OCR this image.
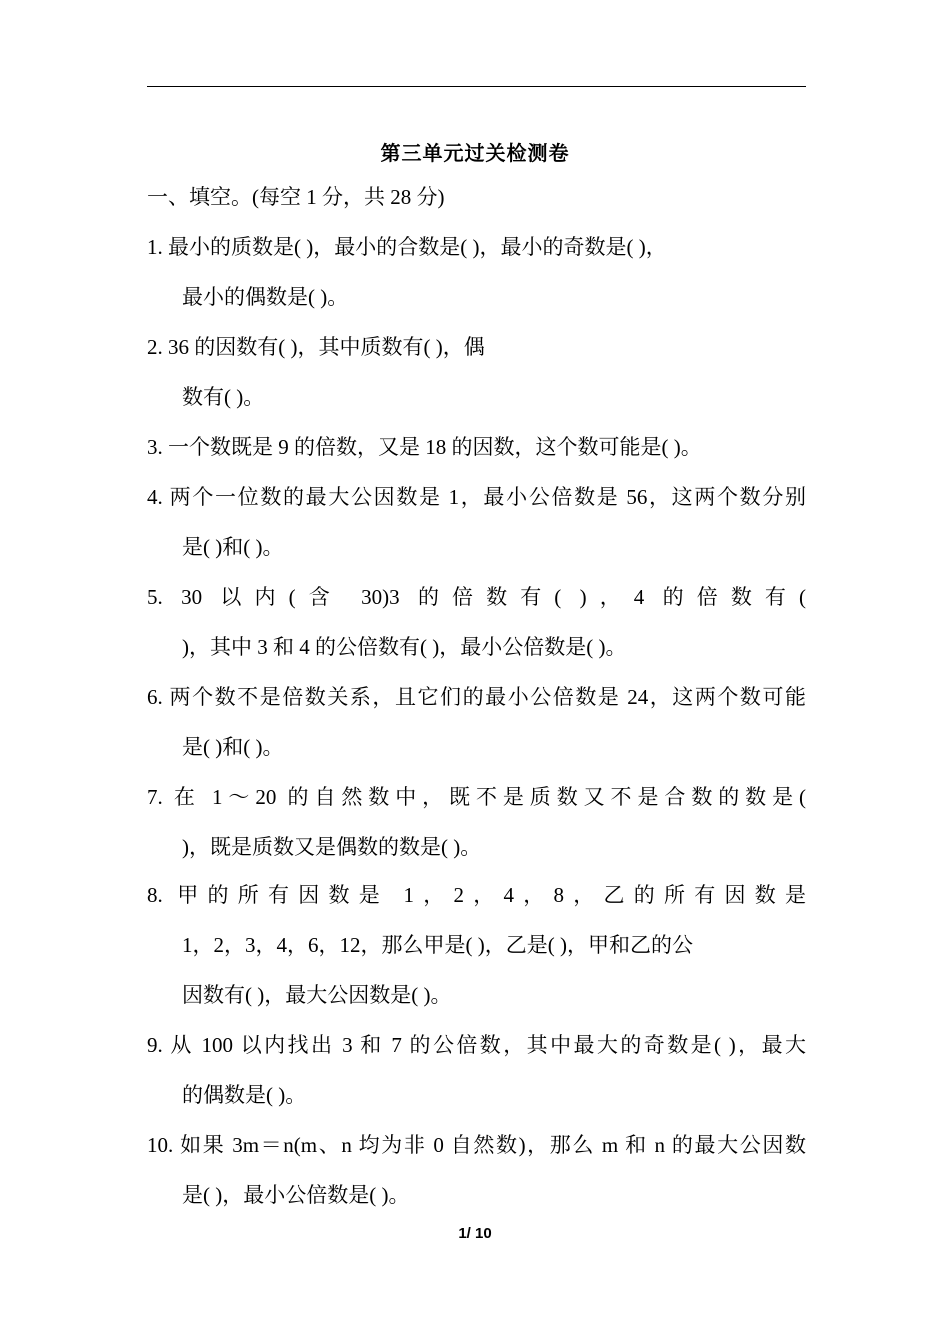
第三单元过关检测卷
一、填空。(每空 1 分，共 28 分)
1. 最小的质数是( )，最小的合数是( )，最小的奇数是( )，
最小的偶数是( )。
2. 36 的因数有( )，其中质数有( )，偶
数有( )。
3. 一个数既是 9 的倍数，又是 18 的因数，这个数可能是( )。
4. 两个一位数的最大公因数是 1，最小公倍数是 56，这两个数分别
是( )和( )。
5. 30 以内(含 30)3 的倍数有( )，4 的倍数有(
)，其中 3 和 4 的公倍数有( )，最小公倍数是( )。
6. 两个数不是倍数关系，且它们的最小公倍数是 24，这两个数可能
是( )和( )。
7. 在 1～20 的自然数中，既不是质数又不是合数的数是(
)，既是质数又是偶数的数是( )。
8. 甲的所有因数是 1，2，4，8，乙的所有因数是
1，2，3，4，6，12，那么甲是( )，乙是( )，甲和乙的公
因数有( )，最大公因数是( )。
9. 从 100 以内找出 3 和 7 的公倍数，其中最大的奇数是( )，最大
的偶数是( )。
10. 如果 3m＝n(m、n 均为非 0 自然数)，那么 m 和 n 的最大公因数
是( )，最小公倍数是( )。
1/ 10
